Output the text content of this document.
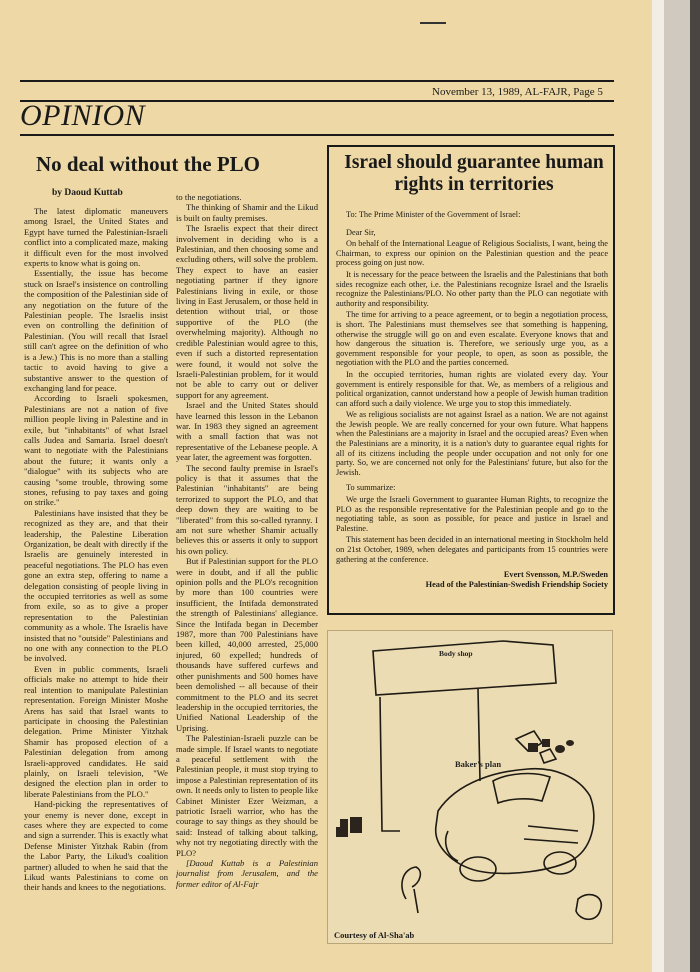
November 13, 1989, AL-FAJR, Page 5
OPINION
No deal without the PLO
by Daoud Kuttab

The latest diplomatic maneuvers among Israel, the United States and Egypt have turned the Palestinian-Israeli conflict into a complicated maze, making it difficult even for the most involved experts to know what is going on.

Essentially, the issue has become stuck on Israel's insistence on controlling the composition of the Palestinian side of any negotiation on the future of the Palestinian people. The Israelis insist even on controlling the definition of Palestinian. (You will recall that Israel still can't agree on the definition of who is a Jew.) This is no more than a stalling tactic to avoid having to give a substantive answer to the question of exchanging land for peace.

According to Israeli spokesmen, Palestinians are not a nation of five million people living in Palestine and in exile, but "inhabitants" of what Israel calls Judea and Samaria. Israel doesn't want to negotiate with the Palestinians about the future; it wants only a "dialogue" with its subjects who are causing "some trouble, throwing some stones, refusing to pay taxes and going on strike."

Palestinians have insisted that they be recognized as they are, and that their leadership, the Palestine Liberation Organization, be dealt with directly if the Israelis are genuinely interested in peaceful negotiations. The PLO has even gone an extra step, offering to name a delegation consisting of people living in the occupied territories as well as some from exile, so as to give a proper representation to the Palestinian community as a whole. The Israelis have insisted that no "outside" Palestinians and no one with any connection to the PLO be involved.

Even in public comments, Israeli officials make no attempt to hide their real intention to manipulate Palestinian representation. Foreign Minister Moshe Arens has said that Israel wants to participate in choosing the Palestinian delegation. Prime Minister Yitzhak Shamir has proposed election of a Palestinian delegation from among Israeli-approved candidates. He said plainly, on Israeli television, "We designed the election plan in order to liberate Palestinians from the PLO."

Hand-picking the representatives of your enemy is never done, except in cases where they are expected to come and sign a surrender. This is exactly what Defense Minister Yitzhak Rabin (from the Labor Party, the Likud's coalition partner) alluded to when he said that the Likud wants Palestinians to come on their hands and knees to the negotiations.

to the negotiations.

The thinking of Shamir and the Likud is built on faulty premises.

The Israelis expect that their direct involvement in deciding who is a Palestinian, and then choosing some and excluding others, will solve the problem. They expect to have an easier negotiating partner if they ignore Palestinians living in exile, or those living in East Jerusalem, or those held in detention without trial, or those supportive of the PLO (the overwhelming majority). Although no credible Palestinian would agree to this, even if such a distorted representation were found, it would not solve the Israeli-Palestinian problem, for it would not be able to carry out or deliver support for any agreement.

Israel and the United States should have learned this lesson in the Lebanon war. In 1983 they signed an agreement with a small faction that was not representative of the Lebanese people. A year later, the agreement was forgotten.

The second faulty premise in Israel's policy is that it assumes that the Palestinian "inhabitants" are being terrorized to support the PLO, and that deep down they are waiting to be "liberated" from this so-called tyranny. I am not sure whether Shamir actually believes this or asserts it only to support his own policy.

But if Palestinian support for the PLO were in doubt, and if all the public opinion polls and the PLO's recognition by more than 100 countries were insufficient, the Intifada demonstrated the strength of Palestinians' allegiance. Since the Intifada began in December 1987, more than 700 Palestinians have been killed, 40,000 arrested, 25,000 injured, 60 expelled; hundreds of thousands have suffered curfews and other punishments and 500 homes have been demolished -- all because of their commitment to the PLO and its secret leadership in the occupied territories, the Unified National Leadership of the Uprising.

The Palestinian-Israeli puzzle can be made simple. If Israel wants to negotiate a peaceful settlement with the Palestinian people, it must stop trying to impose a Palestinian representation of its own. It needs only to listen to people like Cabinet Minister Ezer Weizman, a patriotic Israeli warrior, who has the courage to say things as they should be said: Instead of talking about talking, why not try negotiating directly with the PLO?

[Daoud Kuttab is a Palestinian journalist from Jerusalem, and the former editor of Al-Fajr

Israel should guarantee human rights in territories

To: The Prime Minister of the Government of Israel:

Dear Sir,

On behalf of the International League of Religious Socialists, I want, being the Chairman, to express our opinion on the Palestinian question and the peace process going on just now.

It is necessary for the peace between the Israelis and the Palestinians that both sides recognize each other, i.e. the Palestinians recognize Israel and the Israelis recognize the Palestinians/PLO. No other party than the PLO can negotiate with authority and responsibility.

The time for arriving to a peace agreement, or to begin a negotiation process, is short. The Palestinians must themselves see that something is happening, otherwise the struggle will go on and even escalate. Everyone knows that and how dangerous the situation is. Therefore, we seriously urge you, as a government responsible for your people, to open, as soon as possible, the negotiation with the PLO and the parties concerned.

In the occupied territories, human rights are violated every day. Your government is entirely responsible for that. We, as members of a religious and political organization, cannot understand how a people of Jewish human tradition can afford such a daily violence. We urge you to stop this immediately.

We as religious socialists are not against Israel as a nation. We are not against the Jewish people. We are really concerned for your own future. What happens when the Palestinians are a majority in Israel and the occupied areas? Even when the Palestinians are a minority, it is a nation's duty to guarantee equal rights for all of its citizens including the people under occupation and not only for one party. So, we are concerned not only for the Palestinians' future, but also for the Jewish.

To summarize:

We urge the Israeli Government to guarantee Human Rights, to recognize the PLO as the responsible representative for the Palestinian people and go to the negotiating table, as soon as possible, for peace and justice in Israel and Palestine.

This statement has been decided in an international meeting in Stockholm held on 21st October, 1989, when delegates and participants from 15 countries were gathering at the conference.

Evert Svensson, M.P./Sweden

Head of the Palestinian-Swedish Friendship Society

Body shop
Baker's plan
Courtesy of Al-Sha'ab
